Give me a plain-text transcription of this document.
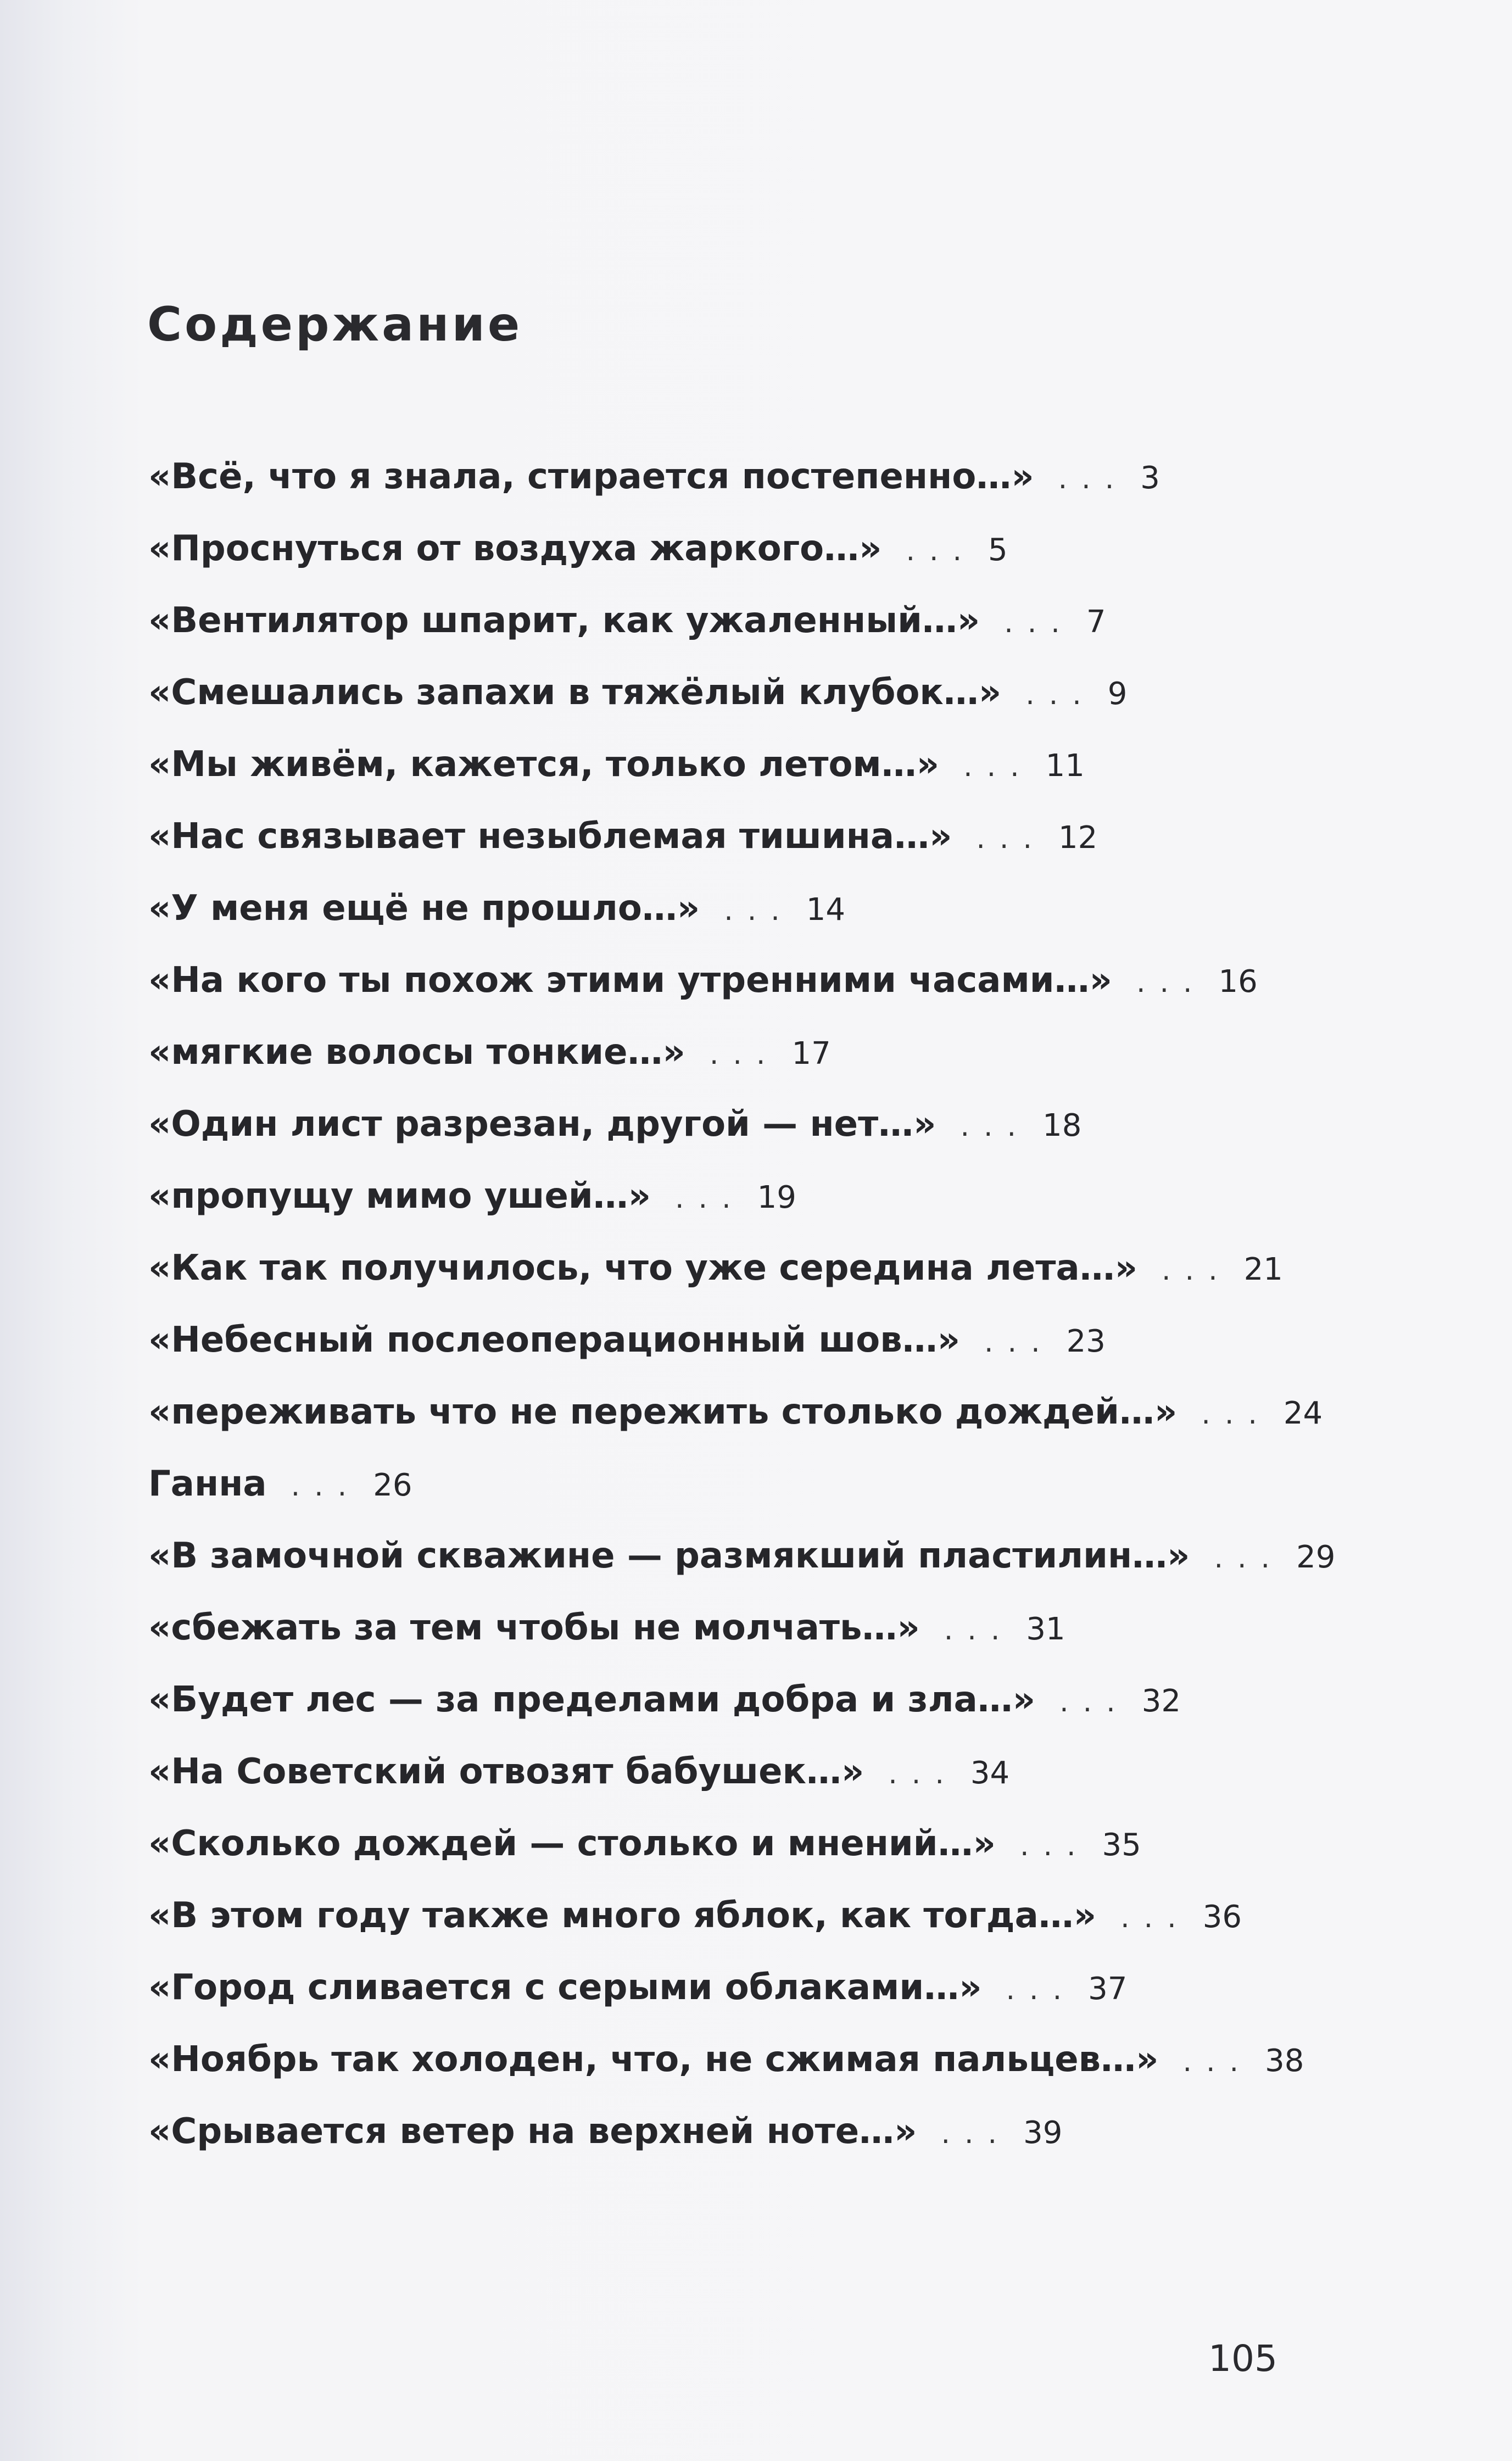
Содержание
«Всё, что я знала, стирается постепенно…» ... 3
«Проснуться от воздуха жаркого…» ... 5
«Вентилятор шпарит, как ужаленный…» ... 7
«Смешались запахи в тяжёлый клубок…» ... 9
«Мы живём, кажется, только летом…» ... 11
«Нас связывает незыблемая тишина…» ... 12
«У меня ещё не прошло…» ... 14
«На кого ты похож этими утренними часами…» ... 16
«мягкие волосы тонкие…» ... 17
«Один лист разрезан, другой — нет…» ... 18
«пропущу мимо ушей…» ... 19
«Как так получилось, что уже середина лета…» ... 21
«Небесный послеоперационный шов…» ... 23
«переживать что не пережить столько дождей…» ... 24
Ганна ... 26
«В замочной скважине — размякший пластилин…» ... 29
«сбежать за тем чтобы не молчать…» ... 31
«Будет лес — за пределами добра и зла…» ... 32
«На Советский отвозят бабушек…» ... 34
«Сколько дождей — столько и мнений…» ... 35
«В этом году также много яблок, как тогда…» ... 36
«Город сливается с серыми облаками…» ... 37
«Ноябрь так холоден, что, не сжимая пальцев…» ... 38
«Срывается ветер на верхней ноте…» ... 39
105
